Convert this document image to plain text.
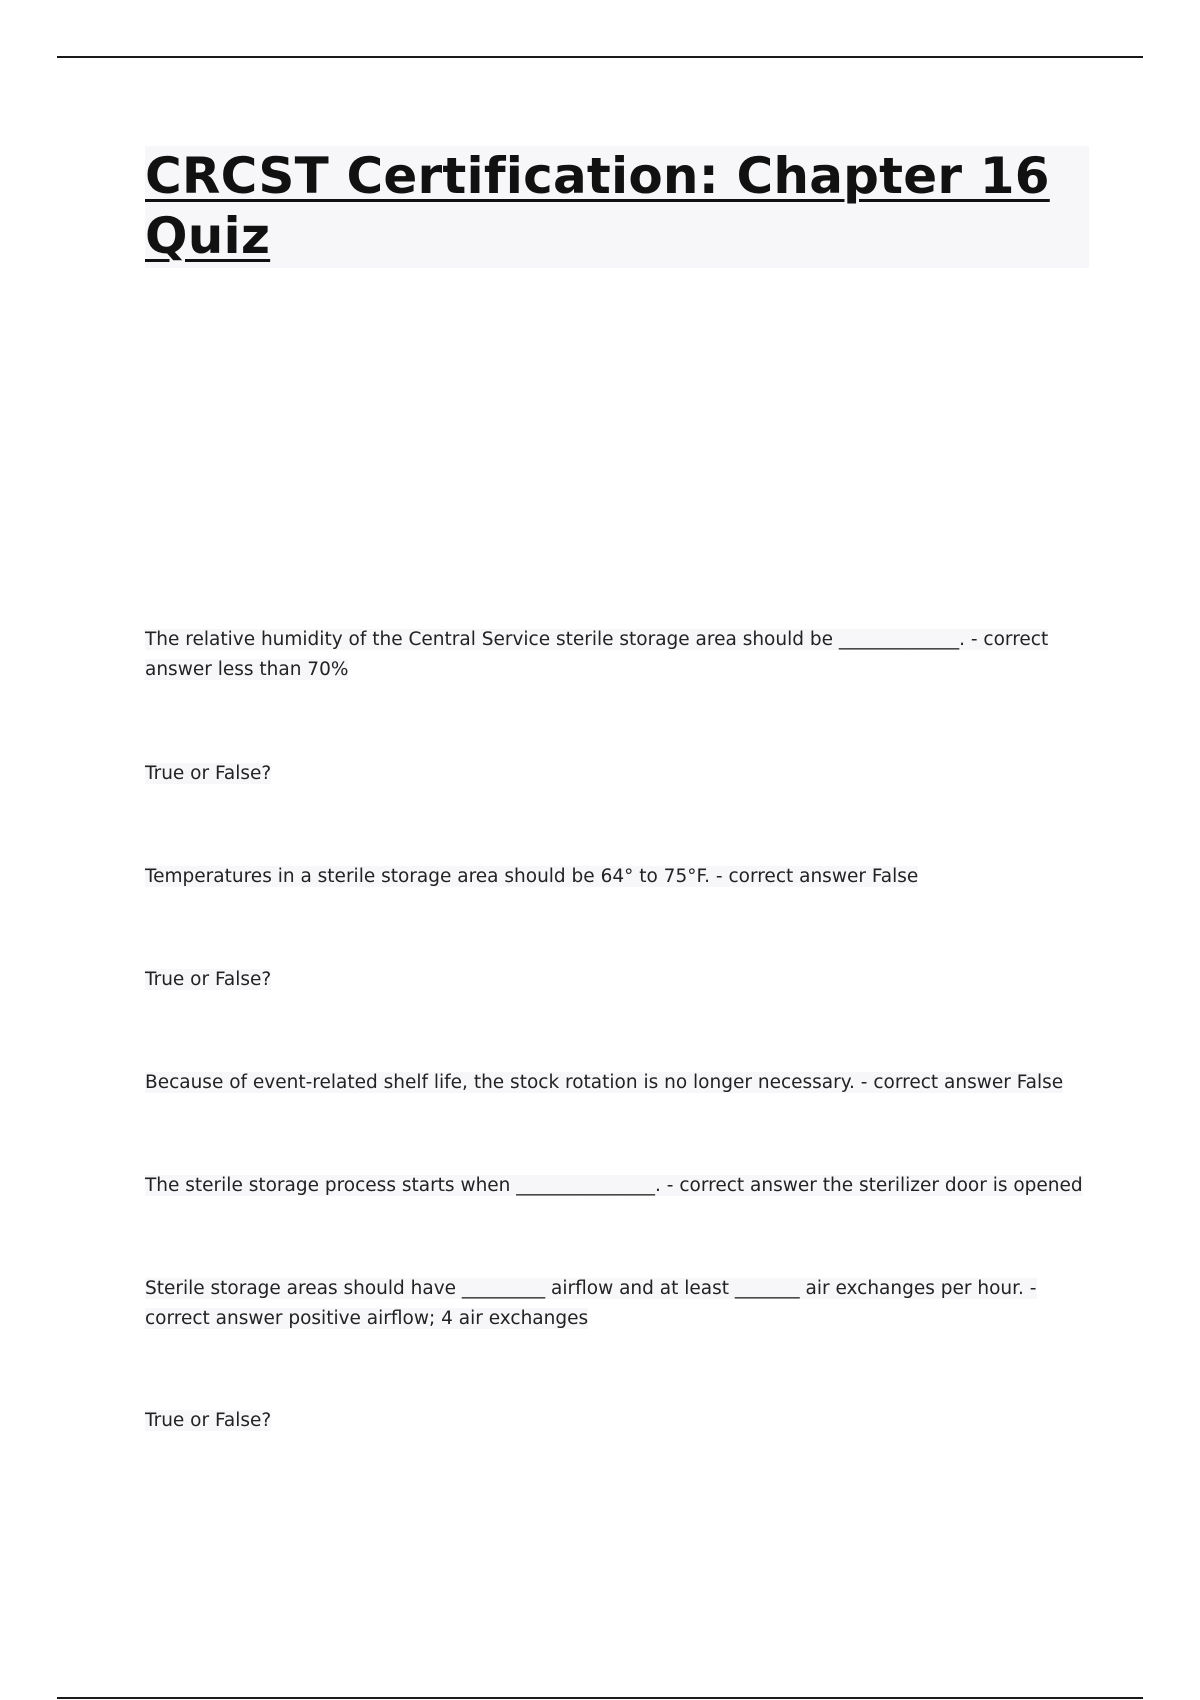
CRCST Certification: Chapter 16 Quiz

The relative humidity of the Central Service sterile storage area should be _____________. - correct answer less than 70%

True or False?

Temperatures in a sterile storage area should be 64° to 75°F. - correct answer False

True or False?

Because of event-related shelf life, the stock rotation is no longer necessary. - correct answer False

The sterile storage process starts when _______________. - correct answer the sterilizer door is opened

Sterile storage areas should have _________ airflow and at least _______ air exchanges per hour. - correct answer positive airflow; 4 air exchanges

True or False?
